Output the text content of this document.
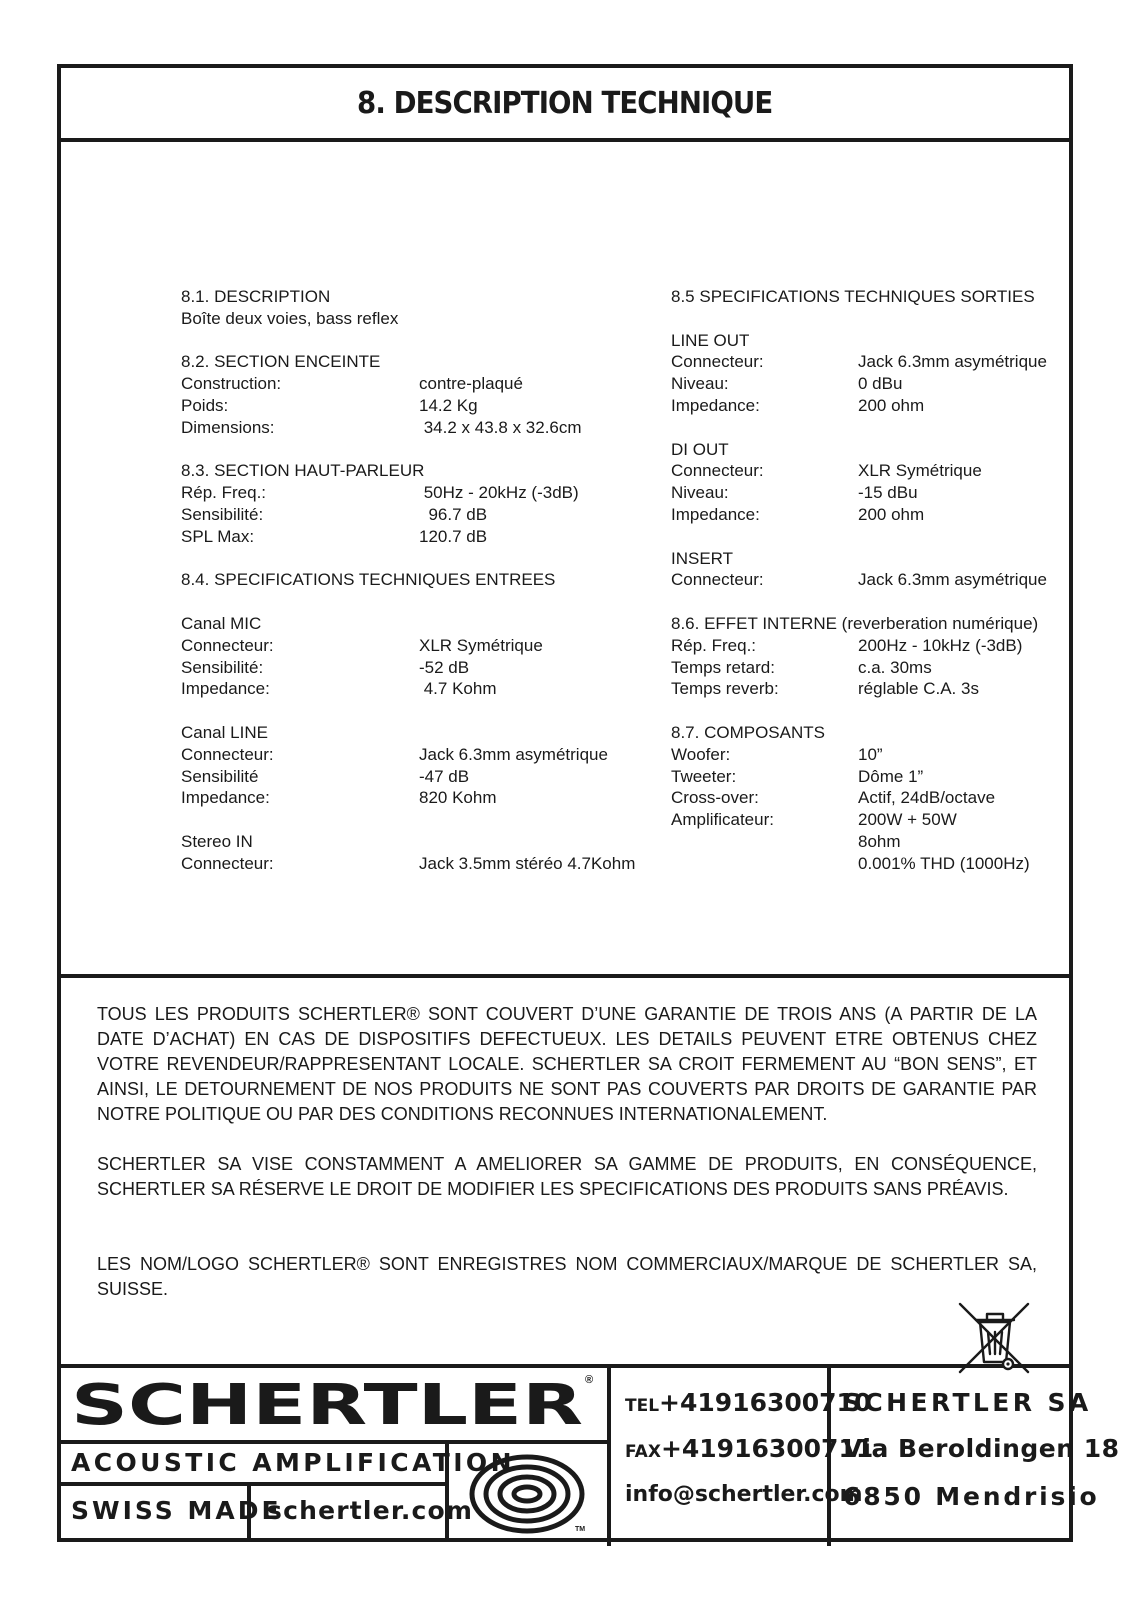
8. DESCRIPTION TECHNIQUE
8.1. DESCRIPTION
Boîte deux voies, bass reflex
8.2. SECTION ENCEINTE
Construction:	contre-plaqué
Poids:	14.2 Kg
Dimensions:	34.2 x 43.8 x 32.6cm
8.3. SECTION HAUT-PARLEUR
Rép. Freq.:	50Hz - 20kHz (-3dB)
Sensibilité:	96.7 dB
SPL Max:	120.7 dB
8.4. SPECIFICATIONS TECHNIQUES ENTREES
Canal MIC
Connecteur:	XLR Symétrique
Sensibilité:	-52 dB
Impedance:	4.7 Kohm
Canal LINE
Connecteur:	Jack 6.3mm asymétrique
Sensibilité	-47 dB
Impedance:	820 Kohm
Stereo IN
Connecteur:	Jack 3.5mm stéréo 4.7Kohm
8.5 SPECIFICATIONS TECHNIQUES SORTIES
LINE OUT
Connecteur:	Jack 6.3mm asymétrique
Niveau:	0 dBu
Impedance:	200 ohm
DI OUT
Connecteur:	XLR Symétrique
Niveau:	-15 dBu
Impedance:	200 ohm
INSERT
Connecteur:	Jack 6.3mm asymétrique
8.6. EFFET INTERNE (reverberation numérique)
Rép. Freq.:	200Hz - 10kHz (-3dB)
Temps retard:	c.a. 30ms
Temps reverb:	réglable C.A. 3s
8.7. COMPOSANTS
Woofer:	10”
Tweeter:	Dôme 1”
Cross-over:	Actif, 24dB/octave
Amplificateur:	200W + 50W
8ohm
0.001% THD (1000Hz)

TOUS LES PRODUITS SCHERTLER® SONT COUVERT D’UNE GARANTIE DE TROIS ANS (A PARTIR DE LA DATE D’ACHAT) EN CAS DE DISPOSITIFS DEFECTUEUX. LES DETAILS PEUVENT ETRE OBTENUS CHEZ VOTRE REVENDEUR/RAPPRESENTANT LOCALE. SCHERTLER SA CROIT FERMEMENT AU “BON SENS”, ET AINSI, LE DETOURNEMENT DE NOS PRODUITS NE SONT PAS COUVERTS PAR DROITS DE GARANTIE PAR NOTRE POLITIQUE OU PAR DES CONDITIONS RECONNUES INTERNATIONALEMENT.

SCHERTLER SA VISE CONSTAMMENT A AMELIORER SA GAMME DE PRODUITS, EN CONSÉQUENCE, SCHERTLER SA RÉSERVE LE DROIT DE MODIFIER LES SPECIFICATIONS DES PRODUITS SANS PRÉAVIS.

LES NOM/LOGO SCHERTLER® SONT ENREGISTRES NOM COMMERCIAUX/MARQUE DE SCHERTLER SA, SUISSE.

SCHERTLER ®
ACOUSTIC AMPLIFICATION
SWISS MADE
schertler.com
TM
TEL+41916300710
FAX+41916300711
info@schertler.com
SCHERTLER SA
Via Beroldingen 18
6850 Mendrisio
